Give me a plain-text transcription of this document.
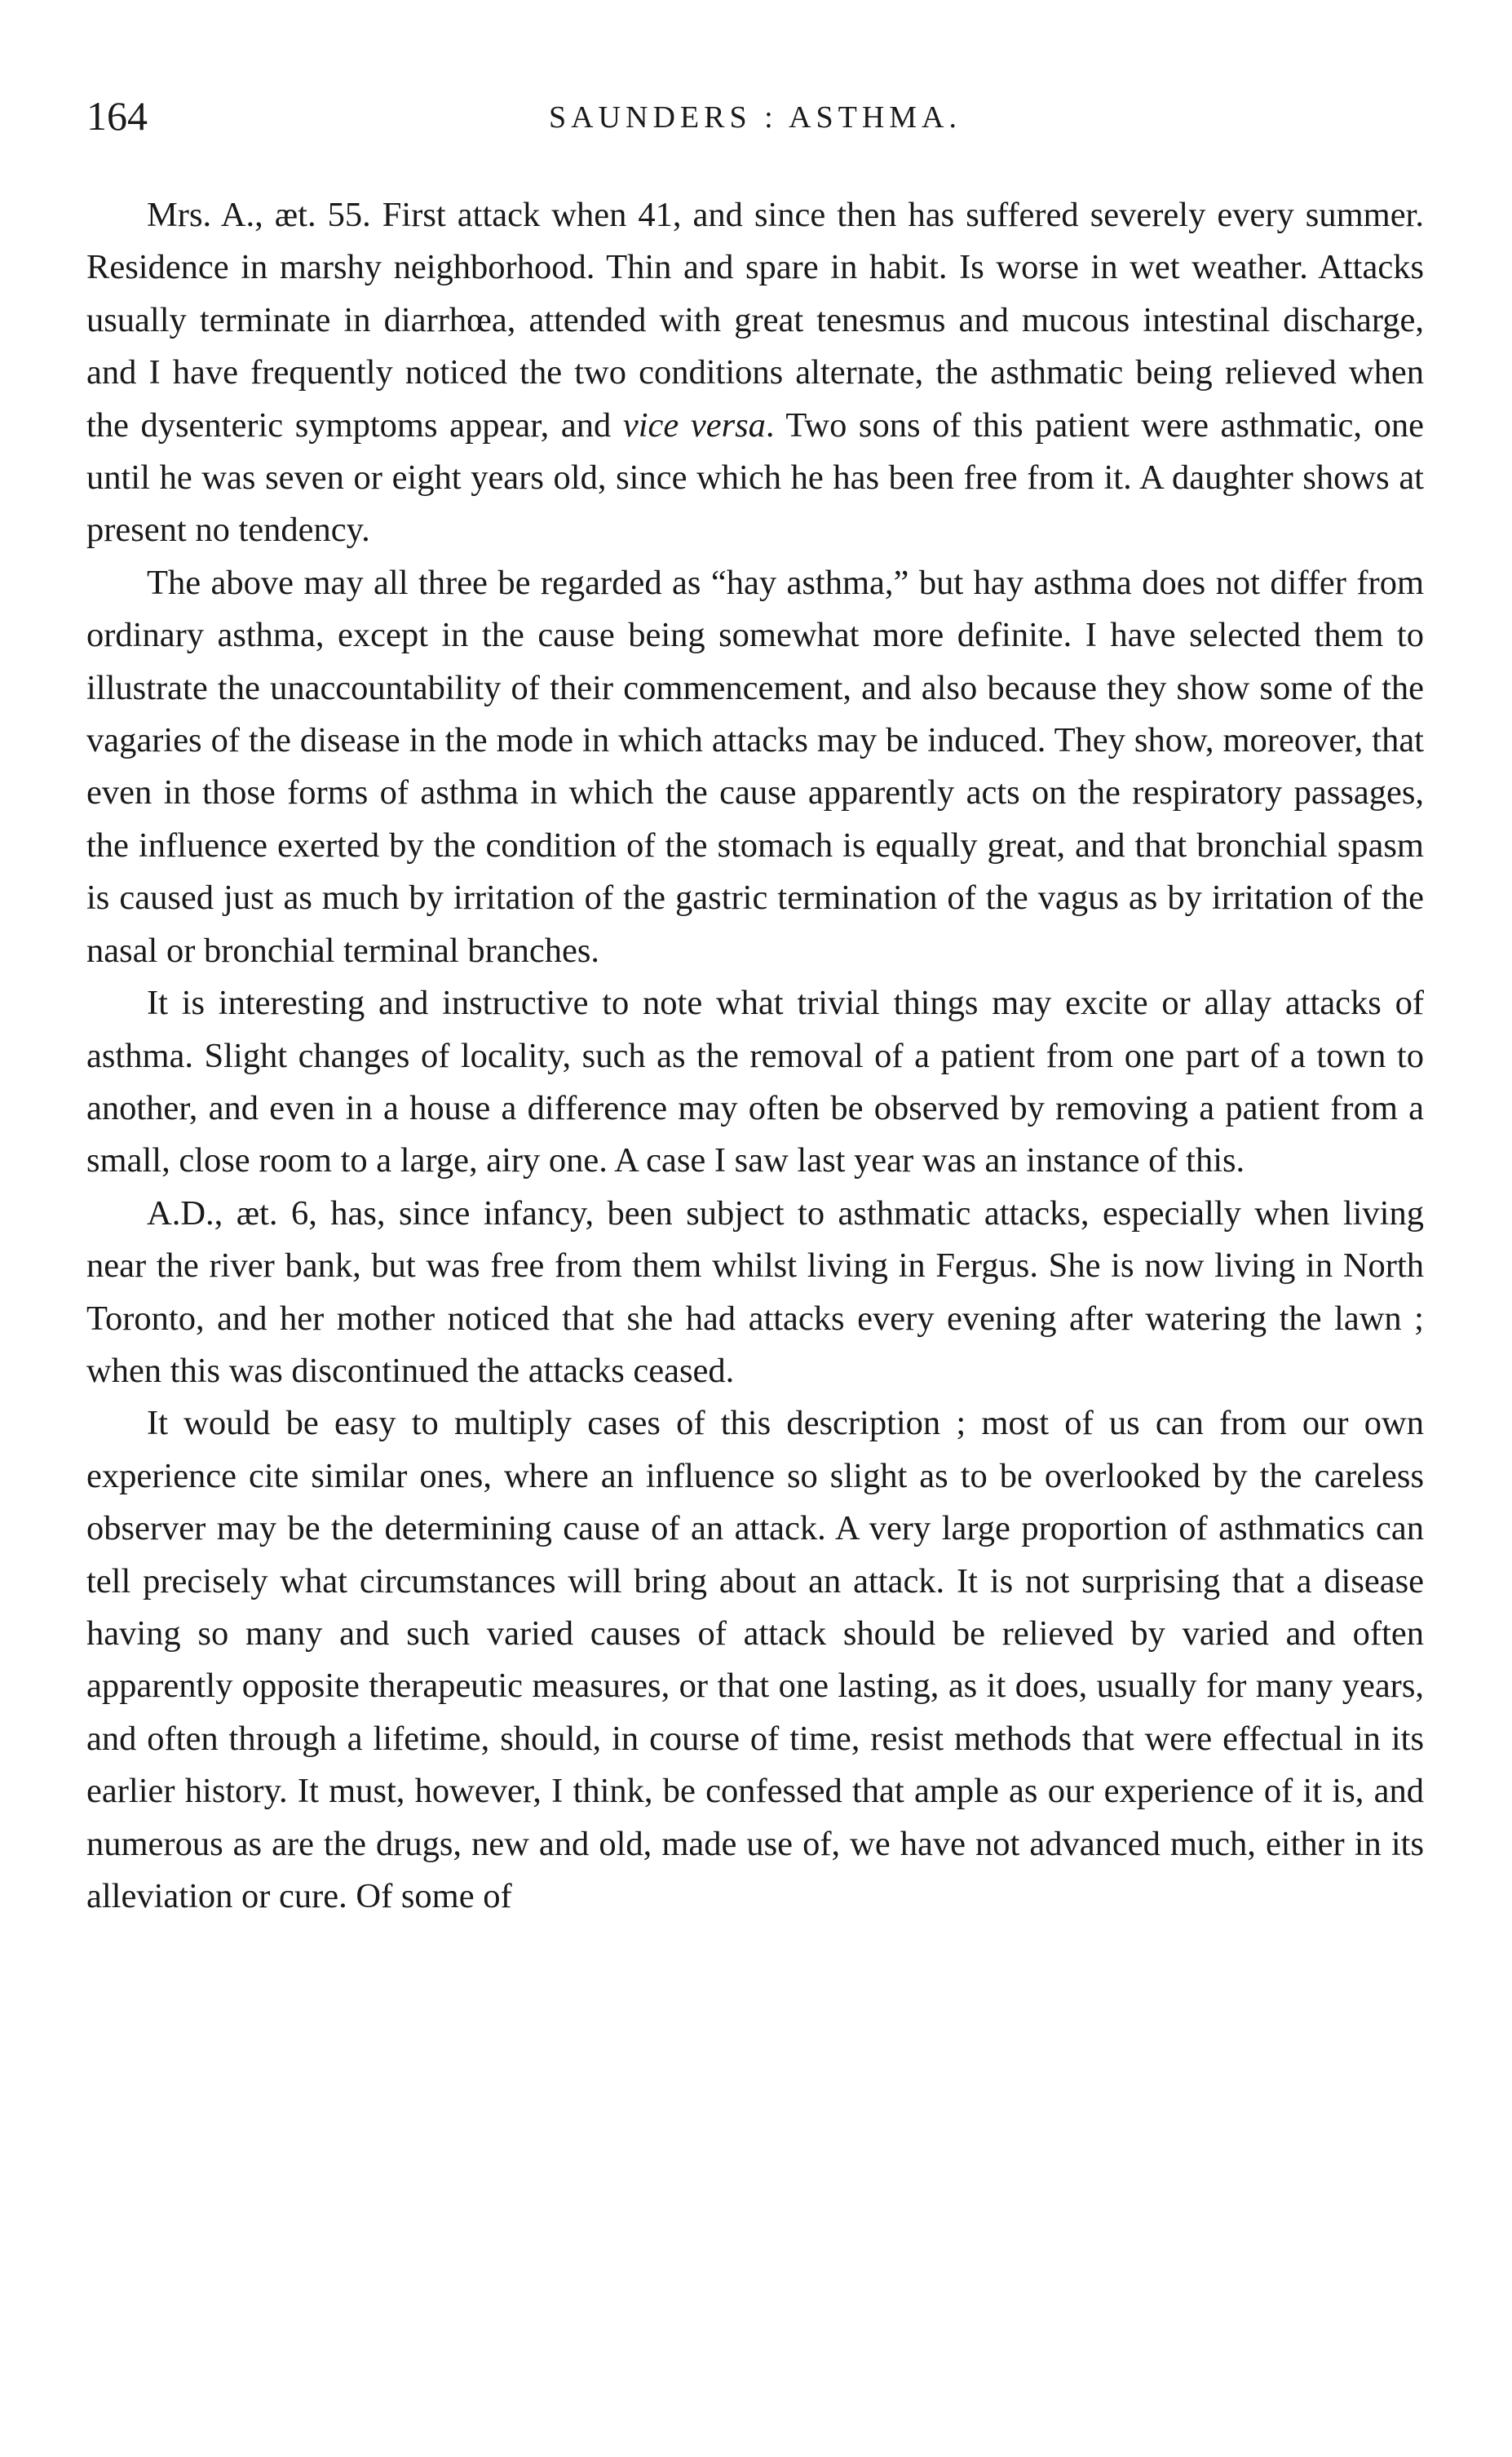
164	SAUNDERS : ASTHMA.

Mrs. A., æt. 55. First attack when 41, and since then has suffered severely every summer. Residence in marshy neighborhood. Thin and spare in habit. Is worse in wet weather. Attacks usually terminate in diarrhœa, attended with great tenesmus and mucous intestinal discharge, and I have frequently noticed the two conditions alternate, the asthmatic being relieved when the dysenteric symptoms appear, and vice versa. Two sons of this patient were asthmatic, one until he was seven or eight years old, since which he has been free from it. A daughter shows at present no tendency.

The above may all three be regarded as “hay asthma,” but hay asthma does not differ from ordinary asthma, except in the cause being somewhat more definite. I have selected them to illustrate the unaccountability of their commencement, and also because they show some of the vagaries of the disease in the mode in which attacks may be induced. They show, moreover, that even in those forms of asthma in which the cause apparently acts on the respiratory passages, the influence exerted by the condition of the stomach is equally great, and that bronchial spasm is caused just as much by irritation of the gastric termination of the vagus as by irritation of the nasal or bronchial terminal branches.

It is interesting and instructive to note what trivial things may excite or allay attacks of asthma. Slight changes of locality, such as the removal of a patient from one part of a town to another, and even in a house a difference may often be observed by removing a patient from a small, close room to a large, airy one. A case I saw last year was an instance of this.

A.D., æt. 6, has, since infancy, been subject to asthmatic attacks, especially when living near the river bank, but was free from them whilst living in Fergus. She is now living in North Toronto, and her mother noticed that she had attacks every evening after watering the lawn ; when this was discontinued the attacks ceased.

It would be easy to multiply cases of this description ; most of us can from our own experience cite similar ones, where an influence so slight as to be overlooked by the careless observer may be the determining cause of an attack. A very large proportion of asthmatics can tell precisely what circumstances will bring about an attack. It is not surprising that a disease having so many and such varied causes of attack should be relieved by varied and often apparently opposite therapeutic measures, or that one lasting, as it does, usually for many years, and often through a lifetime, should, in course of time, resist methods that were effectual in its earlier history. It must, however, I think, be confessed that ample as our experience of it is, and numerous as are the drugs, new and old, made use of, we have not advanced much, either in its alleviation or cure. Of some of
